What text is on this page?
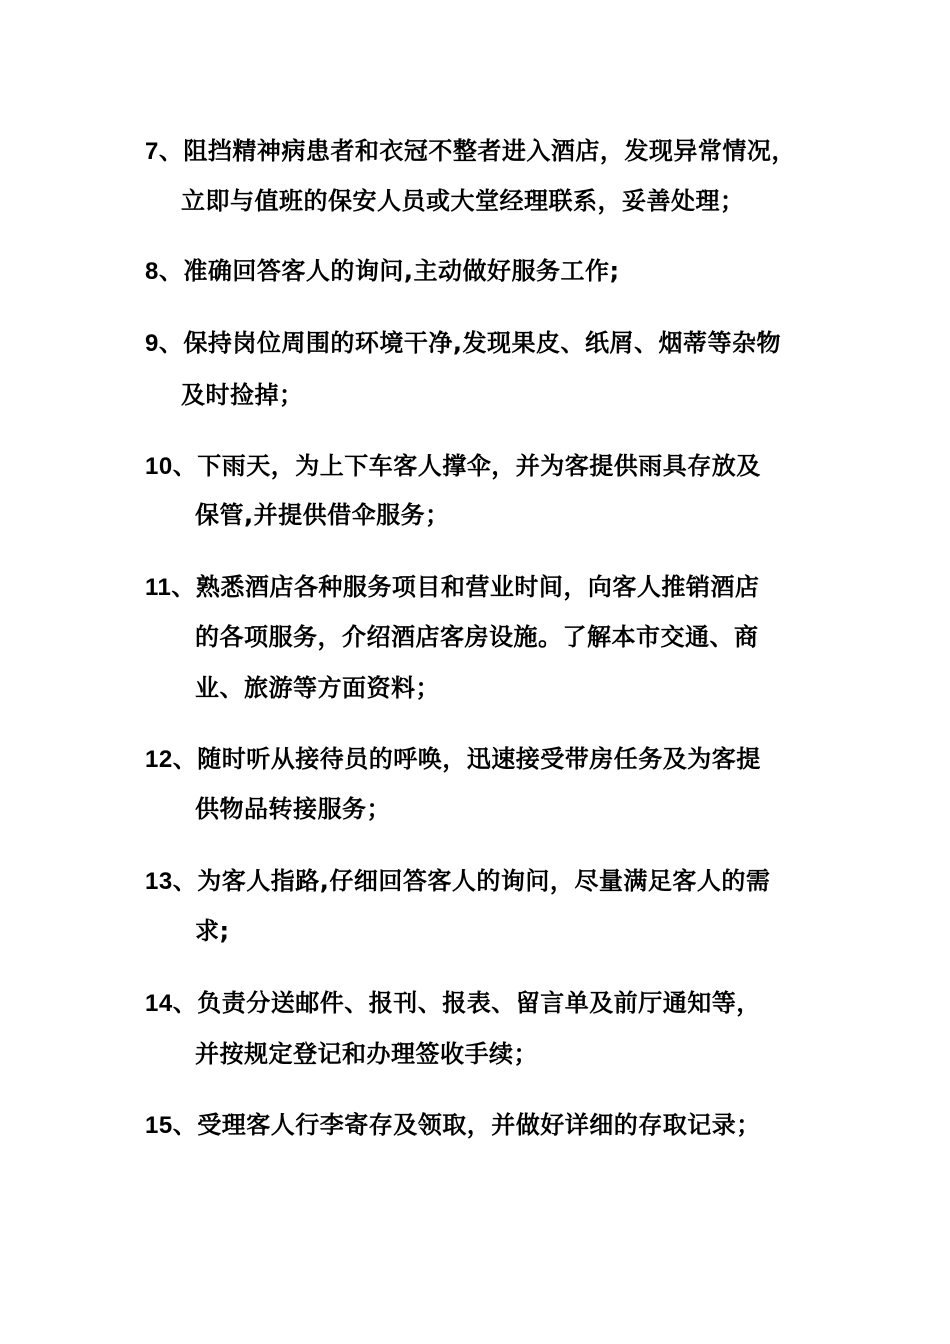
7、阻挡精神病患者和衣冠不整者进入酒店，发现异常情况，
立即与值班的保安人员或大堂经理联系，妥善处理；
8、准确回答客人的询问,主动做好服务工作;
9、保持岗位周围的环境干净,发现果皮、纸屑、烟蒂等杂物
及时捡掉；
10、下雨天，为上下车客人撑伞，并为客提供雨具存放及
保管,并提供借伞服务；
11、熟悉酒店各种服务项目和营业时间，向客人推销酒店
的各项服务，介绍酒店客房设施。了解本市交通、商
业、旅游等方面资料；
12、随时听从接待员的呼唤，迅速接受带房任务及为客提
供物品转接服务；
13、为客人指路,仔细回答客人的询问，尽量满足客人的需
求;
14、负责分送邮件、报刊、报表、留言单及前厅通知等，
并按规定登记和办理签收手续；
15、受理客人行李寄存及领取，并做好详细的存取记录；
